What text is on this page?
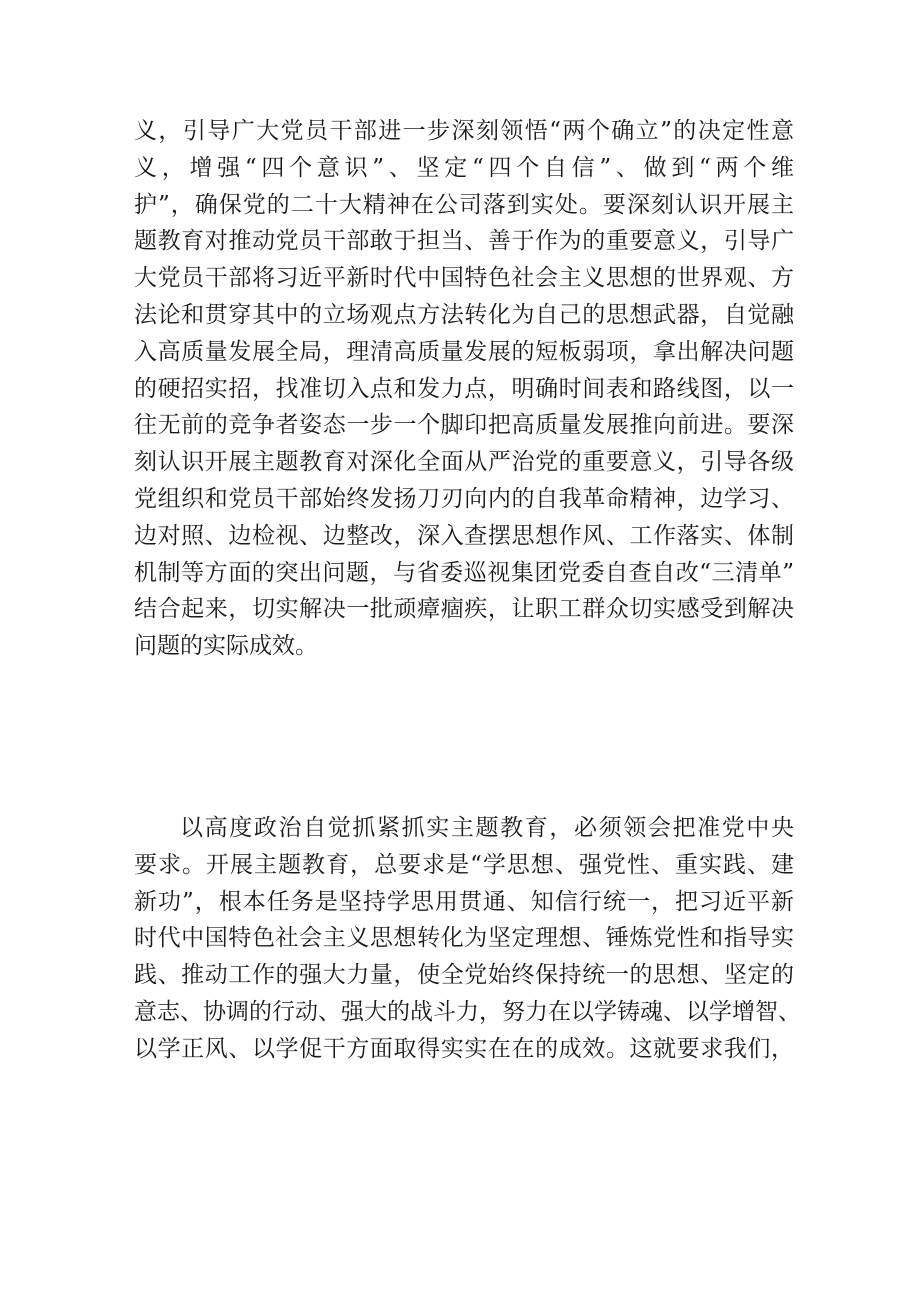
义，引导广大党员干部进一步深刻领悟“两个确立”的决定性意
义，增强“四个意识”、坚定“四个自信”、做到“两个维
护”，确保党的二十大精神在公司落到实处。要深刻认识开展主
题教育对推动党员干部敢于担当、善于作为的重要意义，引导广
大党员干部将习近平新时代中国特色社会主义思想的世界观、方
法论和贯穿其中的立场观点方法转化为自己的思想武器，自觉融
入高质量发展全局，理清高质量发展的短板弱项，拿出解决问题
的硬招实招，找准切入点和发力点，明确时间表和路线图，以一
往无前的竞争者姿态一步一个脚印把高质量发展推向前进。要深
刻认识开展主题教育对深化全面从严治党的重要意义，引导各级
党组织和党员干部始终发扬刀刃向内的自我革命精神，边学习、
边对照、边检视、边整改，深入查摆思想作风、工作落实、体制
机制等方面的突出问题，与省委巡视集团党委自查自改“三清单”
结合起来，切实解决一批顽瘴痼疾，让职工群众切实感受到解决
问题的实际成效。
以高度政治自觉抓紧抓实主题教育，必须领会把准党中央
要求。开展主题教育，总要求是“学思想、强党性、重实践、建
新功”，根本任务是坚持学思用贯通、知信行统一，把习近平新
时代中国特色社会主义思想转化为坚定理想、锤炼党性和指导实
践、推动工作的强大力量，使全党始终保持统一的思想、坚定的
意志、协调的行动、强大的战斗力，努力在以学铸魂、以学增智、
以学正风、以学促干方面取得实实在在的成效。这就要求我们，
